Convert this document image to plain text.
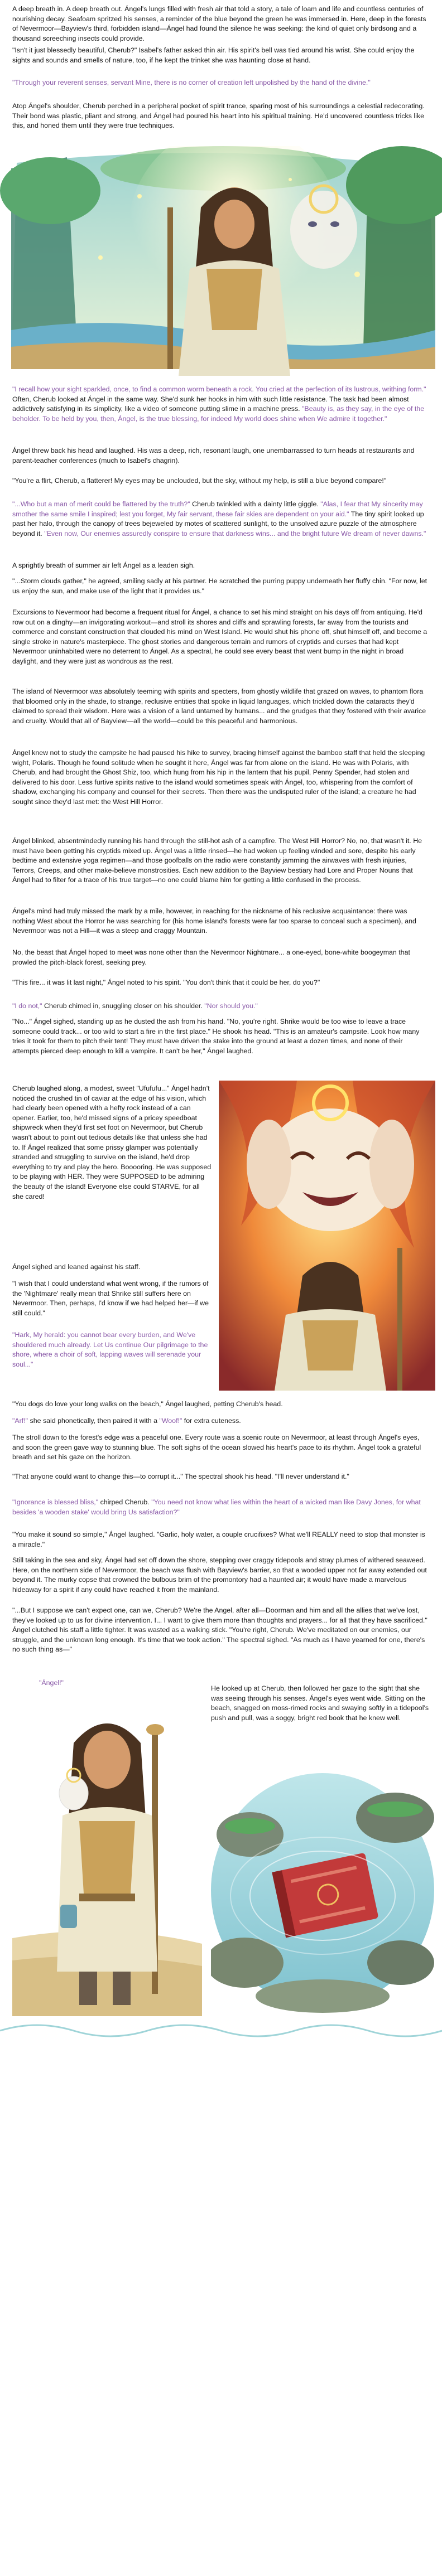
A deep breath in. A deep breath out. Ángel's lungs filled with fresh air that told a story, a tale of loam and life and countless centuries of nourishing decay. Seafoam spritzed his senses, a reminder of the blue beyond the green he was immersed in. Here, deep in the forests of Nevermoor—Bayview's third, forbidden island—Ángel had found the silence he was seeking: the kind of quiet only birdsong and a thousand screeching insects could provide.

"Isn't it just blessedly beautiful, Cherub?" Isabel's father asked thin air. His spirit's bell was tied around his wrist. She could enjoy the sights and sounds and smells of nature, too, if he kept the trinket she was haunting close at hand.

"Through your reverent senses, servant Mine, there is no corner of creation left unpolished by the hand of the divine."

Atop Ángel's shoulder, Cherub perched in a peripheral pocket of spirit trance, sparing most of his surroundings a celestial redecorating. Their bond was plastic, pliant and strong, and Ángel had poured his heart into his spiritual training. He'd uncovered countless tricks like this, and honed them until they were true techniques.

"I recall how your sight sparkled, once, to find a common worm beneath a rock. You cried at the perfection of its lustrous, writhing form." Often, Cherub looked at Ángel in the same way. She'd sunk her hooks in him with such little resistance. The task had been almost addictively satisfying in its simplicity, like a video of someone putting slime in a machine press. "Beauty is, as they say, in the eye of the beholder. To be held by you, then, Ángel, is the true blessing, for indeed My world does shine when We admire it together."

Ángel threw back his head and laughed. His was a deep, rich, resonant laugh, one unembarrassed to turn heads at restaurants and parent-teacher conferences (much to Isabel's chagrin).

"You're a flirt, Cherub, a flatterer! My eyes may be unclouded, but the sky, without my help, is still a blue beyond compare!"

"...Who but a man of merit could be flattered by the truth?" Cherub twinkled with a dainty little giggle. "Alas, I fear that My sincerity may smother the same smile I inspired; lest you forget, My fair servant, these fair skies are dependent on your aid." The tiny spirit looked up past her halo, through the canopy of trees bejeweled by motes of scattered sunlight, to the unsolved azure puzzle of the atmosphere beyond it. "Even now, Our enemies assuredly conspire to ensure that darkness wins... and the bright future We dream of never dawns."

A sprightly breath of summer air left Ángel as a leaden sigh.

"...Storm clouds gather," he agreed, smiling sadly at his partner. He scratched the purring puppy underneath her fluffy chin. "For now, let us enjoy the sun, and make use of the light that it provides us."

Excursions to Nevermoor had become a frequent ritual for Ángel, a chance to set his mind straight on his days off from antiquing. He'd row out on a dinghy—an invigorating workout—and stroll its shores and cliffs and sprawling forests, far away from the tourists and commerce and constant construction that clouded his mind on West Island. He would shut his phone off, shut himself off, and become a single stroke in nature's masterpiece. The ghost stories and dangerous terrain and rumors of cryptids and curses that had kept Nevermoor uninhabited were no deterrent to Ángel. As a spectral, he could see every beast that went bump in the night in broad daylight, and they were just as wondrous as the rest.

The island of Nevermoor was absolutely teeming with spirits and specters, from ghostly wildlife that grazed on waves, to phantom flora that bloomed only in the shade, to strange, reclusive entities that spoke in liquid languages, which trickled down the cataracts they'd claimed to spread their wisdom. Here was a vision of a land untamed by humans... and the grudges that they fostered with their avarice and cruelty. Would that all of Bayview—all the world—could be this peaceful and harmonious.

Ángel knew not to study the campsite he had paused his hike to survey, bracing himself against the bamboo staff that held the sleeping wight, Polaris. Though he found solitude when he sought it here, Ángel was far from alone on the island. He was with Polaris, with Cherub, and had brought the Ghost Shiz, too, which hung from his hip in the lantern that his pupil, Penny Spender, had stolen and delivered to his door. Less furtive spirits native to the island would sometimes speak with Ángel, too, whispering from the comfort of shadow, exchanging his company and counsel for their secrets. Then there was the undisputed ruler of the island; a creature he had sought since they'd last met: the West Hill Horror.

Ángel blinked, absentmindedly running his hand through the still-hot ash of a campfire. The West Hill Horror? No, no, that wasn't it. He must have been getting his cryptids mixed up. Ángel was a little rinsed—he had woken up feeling winded and sore, despite his early bedtime and extensive yoga regimen—and those goofballs on the radio were constantly jamming the airwaves with fresh injuries, Terrors, Creeps, and other make-believe monstrosities. Each new addition to the Bayview bestiary had Lore and Proper Nouns that Ángel had to filter for a trace of his true target—no one could blame him for getting a little confused in the process.

Ángel's mind had truly missed the mark by a mile, however, in reaching for the nickname of his reclusive acquaintance: there was nothing West about the Horror he was searching for (his home island's forests were far too sparse to conceal such a specimen), and Nevermoor was not a Hill—it was a steep and craggy Mountain.

No, the beast that Ángel hoped to meet was none other than the Nevermoor Nightmare... a one-eyed, bone-white boogeyman that prowled the pitch-black forest, seeking prey.

"This fire... it was lit last night," Ángel noted to his spirit. "You don't think that it could be her, do you?"

"I do not," Cherub chimed in, snuggling closer on his shoulder. "Nor should you."

"No..." Ángel sighed, standing up as he dusted the ash from his hand. "No, you're right. Shrike would be too wise to leave a trace someone could track... or too wild to start a fire in the first place." He shook his head. "This is an amateur's campsite. Look how many tries it took for them to pitch their tent! They must have driven the stake into the ground at least a dozen times, and none of their attempts pierced deep enough to kill a vampire. It can't be her," Ángel laughed.

Cherub laughed along, a modest, sweet "Ufufufu..." Ángel hadn't noticed the crushed tin of caviar at the edge of his vision, which had clearly been opened with a hefty rock instead of a can opener. Earlier, too, he'd missed signs of a pricey speedboat shipwreck when they'd first set foot on Nevermoor, but Cherub wasn't about to point out tedious details like that unless she had to. If Ángel realized that some prissy glamper was potentially stranded and struggling to survive on the island, he'd drop everything to try and play the hero. Booooring. He was supposed to be playing with HER. They were SUPPOSED to be admiring the beauty of the island! Everyone else could STARVE, for all she cared!

Ángel sighed and leaned against his staff.

"I wish that I could understand what went wrong, if the rumors of the 'Nightmare' really mean that Shrike still suffers here on Nevermoor. Then, perhaps, I'd know if we had helped her—if we still could."

"Hark, My herald: you cannot bear every burden, and We've shouldered much already. Let Us continue Our pilgrimage to the shore, where a choir of soft, lapping waves will serenade your soul..."

"You dogs do love your long walks on the beach," Ángel laughed, petting Cherub's head.

"Arf!" she said phonetically, then paired it with a "Woof!" for extra cuteness.

The stroll down to the forest's edge was a peaceful one. Every route was a scenic route on Nevermoor, at least through Ángel's eyes, and soon the green gave way to stunning blue. The soft sighs of the ocean slowed his heart's pace to its rhythm. Ángel took a grateful breath and set his gaze on the horizon.

"That anyone could want to change this—to corrupt it..." The spectral shook his head. "I'll never understand it."

"Ignorance is blessed bliss," chirped Cherub. "You need not know what lies within the heart of a wicked man like Davy Jones, for what besides 'a wooden stake' would bring Us satisfaction?"

"You make it sound so simple," Ángel laughed. "Garlic, holy water, a couple crucifixes? What we'll REALLY need to stop that monster is a miracle."

Still taking in the sea and sky, Ángel had set off down the shore, stepping over craggy tidepools and stray plumes of withered seaweed. Here, on the northern side of Nevermoor, the beach was flush with Bayview's barrier, so that a wooded upper not far away extended out beyond it. The murky copse that crowned the bulbous brim of the promontory had a haunted air; it would have made a marvelous hideaway for a spirit if any could have reached it from the mainland.

"...But I suppose we can't expect one, can we, Cherub? We're the Angel, after all—Doorman and him and all the allies that we've lost, they've looked up to us for divine intervention. I... I want to give them more than thoughts and prayers... for all that they have sacrificed." Ángel clutched his staff a little tighter. It was wasted as a walking stick. "You're right, Cherub. We've meditated on our enemies, our struggle, and the unknown long enough. It's time that we took action." The spectral sighed. "As much as I have yearned for one, there's no such thing as—"

"Ángel!"

He looked up at Cherub, then followed her gaze to the sight that she was seeing through his senses. Ángel's eyes went wide. Sitting on the beach, snagged on moss-rimed rocks and swaying softly in a tidepool's push and pull, was a soggy, bright red book that he knew well.
